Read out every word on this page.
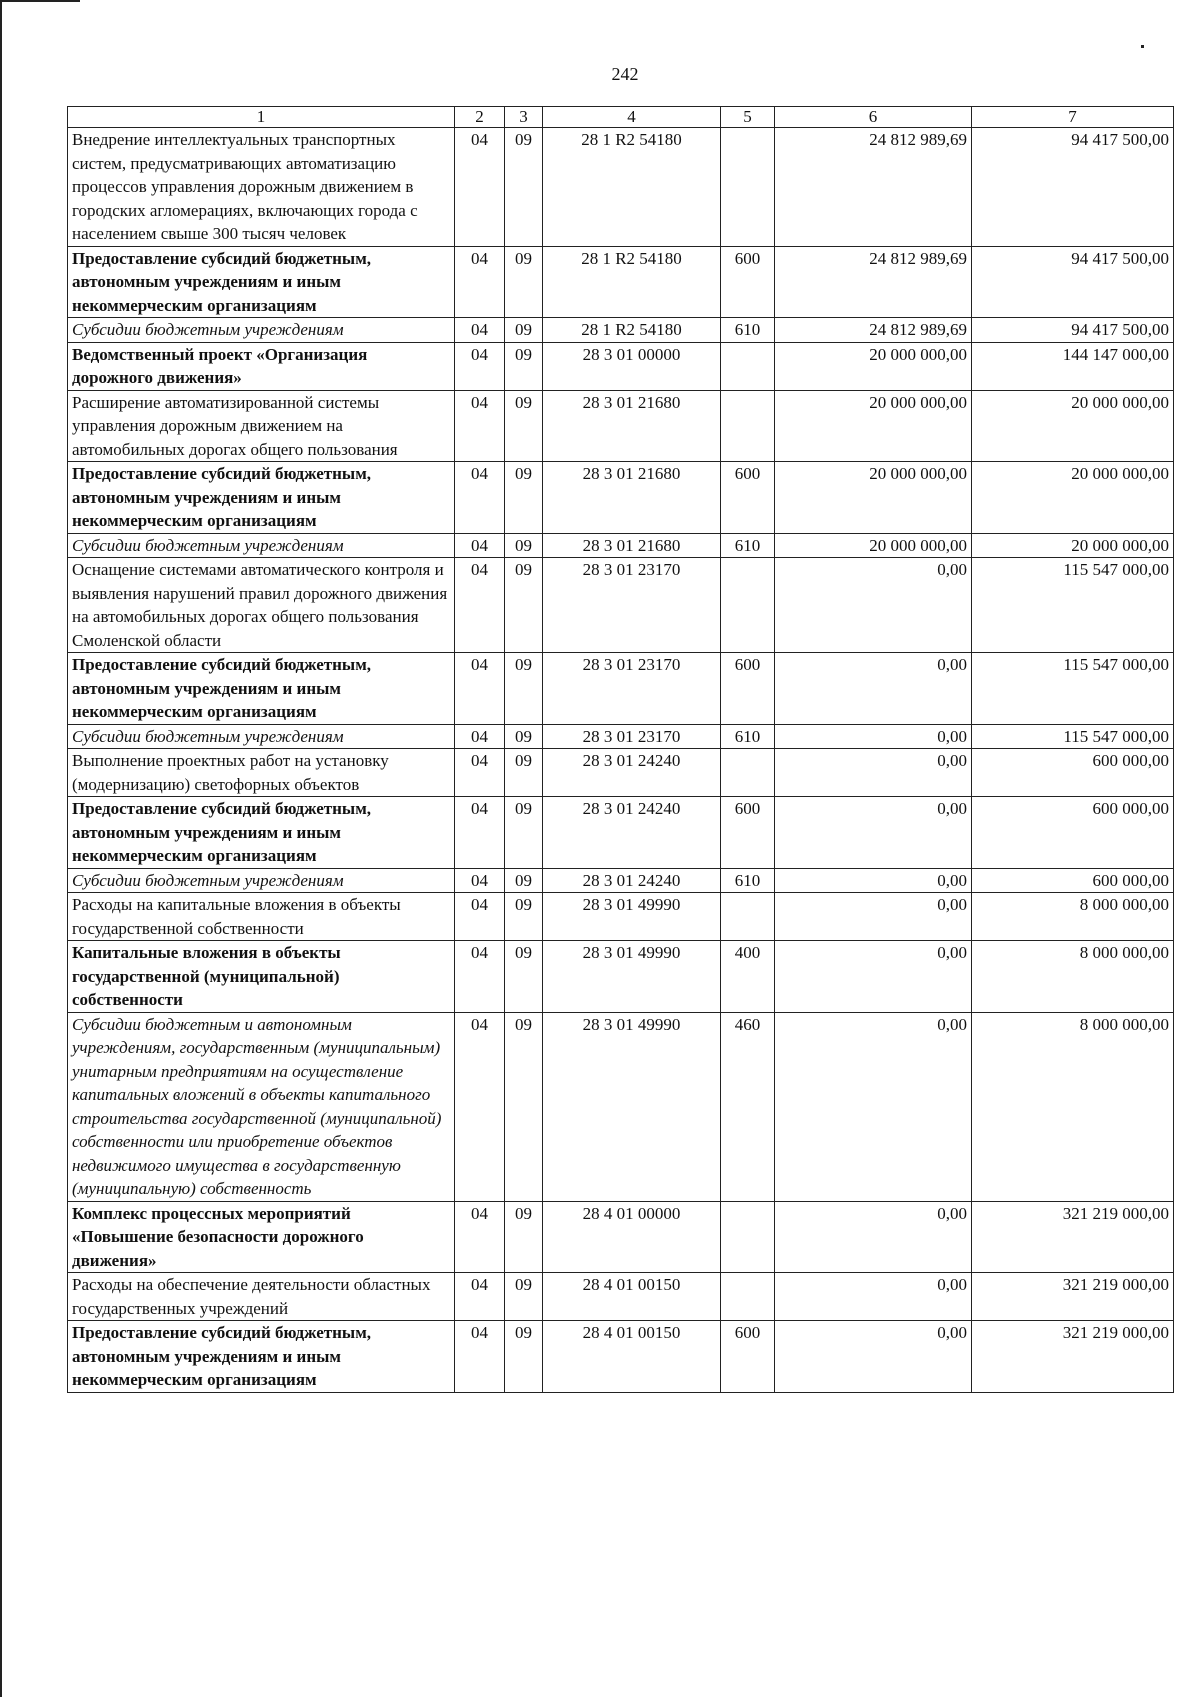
242
1	2	3	4	5	6	7
Внедрение интеллектуальных транспортных систем, предусматривающих автоматизацию процессов управления дорожным движением в городских агломерациях, включающих города с населением свыше 300 тысяч человек	04	09	28 1 R2 54180		24 812 989,69	94 417 500,00
Предоставление субсидий бюджетным, автономным учреждениям и иным некоммерческим организациям	04	09	28 1 R2 54180	600	24 812 989,69	94 417 500,00
Субсидии бюджетным учреждениям	04	09	28 1 R2 54180	610	24 812 989,69	94 417 500,00
Ведомственный проект «Организация дорожного движения»	04	09	28 3 01 00000		20 000 000,00	144 147 000,00
Расширение автоматизированной системы управления дорожным движением на автомобильных дорогах общего пользования	04	09	28 3 01 21680		20 000 000,00	20 000 000,00
Предоставление субсидий бюджетным, автономным учреждениям и иным некоммерческим организациям	04	09	28 3 01 21680	600	20 000 000,00	20 000 000,00
Субсидии бюджетным учреждениям	04	09	28 3 01 21680	610	20 000 000,00	20 000 000,00
Оснащение системами автоматического контроля и выявления нарушений правил дорожного движения на автомобильных дорогах общего пользования Смоленской области	04	09	28 3 01 23170		0,00	115 547 000,00
Предоставление субсидий бюджетным, автономным учреждениям и иным некоммерческим организациям	04	09	28 3 01 23170	600	0,00	115 547 000,00
Субсидии бюджетным учреждениям	04	09	28 3 01 23170	610	0,00	115 547 000,00
Выполнение проектных работ на установку (модернизацию) светофорных объектов	04	09	28 3 01 24240		0,00	600 000,00
Предоставление субсидий бюджетным, автономным учреждениям и иным некоммерческим организациям	04	09	28 3 01 24240	600	0,00	600 000,00
Субсидии бюджетным учреждениям	04	09	28 3 01 24240	610	0,00	600 000,00
Расходы на капитальные вложения в объекты государственной собственности	04	09	28 3 01 49990		0,00	8 000 000,00
Капитальные вложения в объекты государственной (муниципальной) собственности	04	09	28 3 01 49990	400	0,00	8 000 000,00
Субсидии бюджетным и автономным учреждениям, государственным (муниципальным) унитарным предприятиям на осуществление капитальных вложений в объекты капитального строительства государственной (муниципальной) собственности или приобретение объектов недвижимого имущества в государственную (муниципальную) собственность	04	09	28 3 01 49990	460	0,00	8 000 000,00
Комплекс процессных мероприятий «Повышение безопасности дорожного движения»	04	09	28 4 01 00000		0,00	321 219 000,00
Расходы на обеспечение деятельности областных государственных учреждений	04	09	28 4 01 00150		0,00	321 219 000,00
Предоставление субсидий бюджетным, автономным учреждениям и иным некоммерческим организациям	04	09	28 4 01 00150	600	0,00	321 219 000,00
